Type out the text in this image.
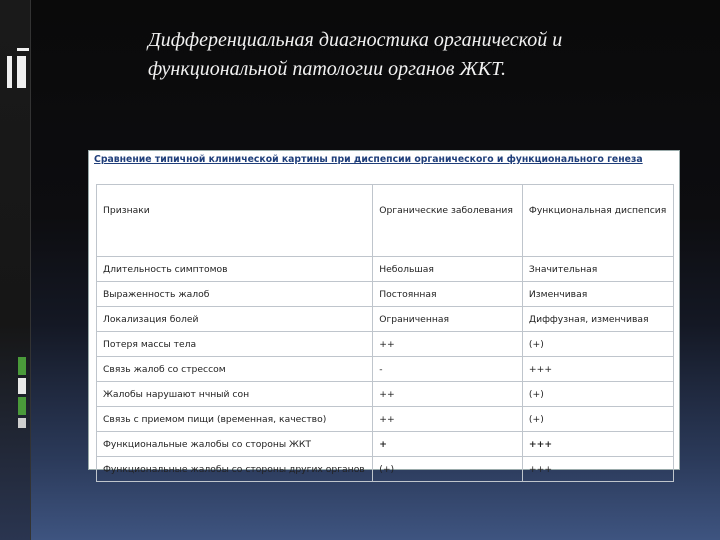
Дифференциальная диагностика органической и
функциональной патологии органов ЖКТ.
Сравнение типичной клинической картины при диспепсии органического и функционального генеза
Признаки	Органические заболевания	Функциональная диспепсия
Длительность симптомов	Небольшая	Значительная
Выраженность жалоб	Постоянная	Изменчивая
Локализация болей	Ограниченная	Диффузная, изменчивая
Потеря массы тела	++	(+)
Связь жалоб со стрессом	-	+++
Жалобы нарушают нчный сон	++	(+)
Связь с приемом пищи (временная, качество)	++	(+)
Функциональные жалобы со стороны ЖКТ	+	+++
Функциональные жалобы со стороны других органов	(+)	+++
